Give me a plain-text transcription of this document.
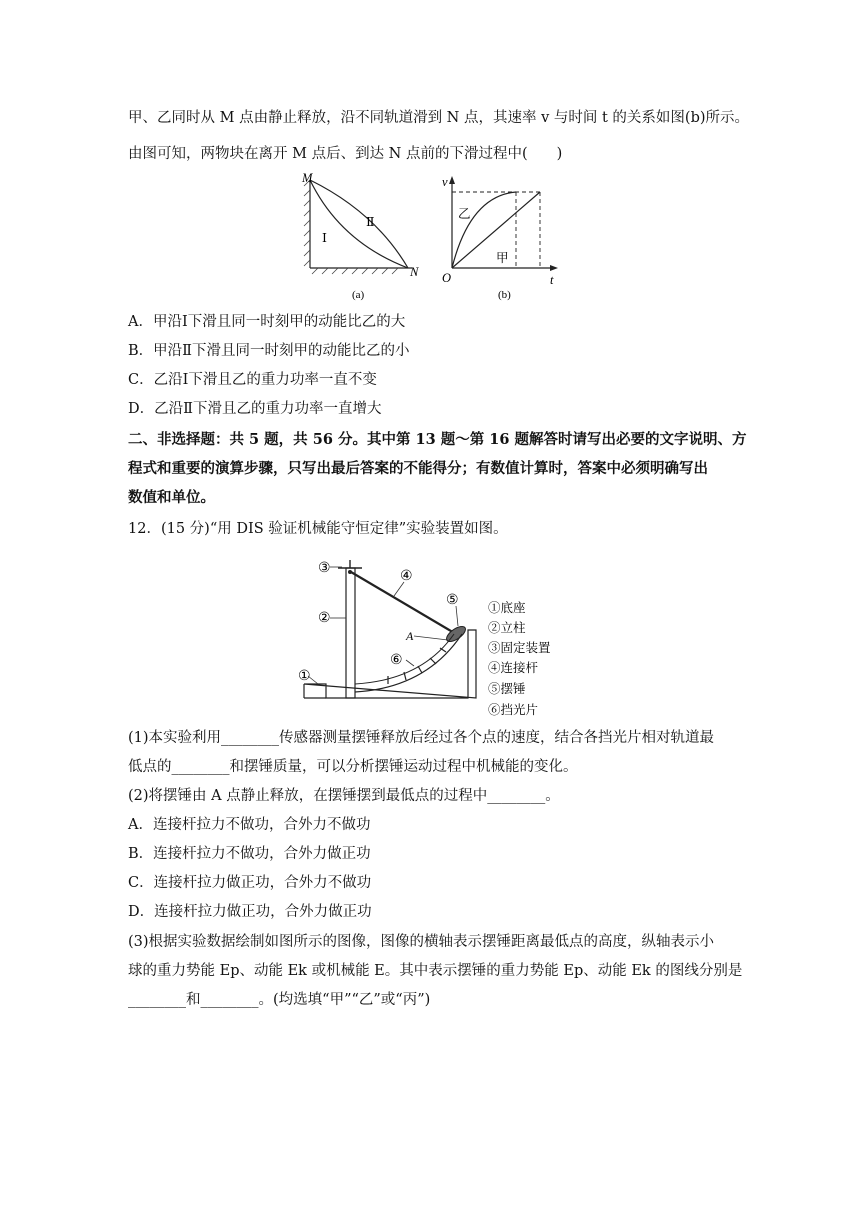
甲、乙同时从 M 点由静止释放，沿不同轨道滑到 N 点，其速率 v 与时间 t 的关系如图(b)所示。
由图可知，两物块在离开 M 点后、到达 N 点前的下滑过程中(　　)
M
N
Ⅰ
Ⅱ
(a)
v
t
O
乙
甲
(b)
A．甲沿Ⅰ下滑且同一时刻甲的动能比乙的大
B．甲沿Ⅱ下滑且同一时刻甲的动能比乙的小
C．乙沿Ⅰ下滑且乙的重力功率一直不变
D．乙沿Ⅱ下滑且乙的重力功率一直增大
二、非选择题：共 5 题，共 56 分。其中第 13 题～第 16 题解答时请写出必要的文字说明、方
程式和重要的演算步骤，只写出最后答案的不能得分；有数值计算时，答案中必须明确写出
数值和单位。
12．(15 分)“用 DIS 验证机械能守恒定律”实验装置如图。
③
②
①
④
⑤
⑥
A
①底座
②立柱
③固定装置
④连接杆
⑤摆锤
⑥挡光片
(1)本实验利用________传感器测量摆锤释放后经过各个点的速度，结合各挡光片相对轨道最
低点的________和摆锤质量，可以分析摆锤运动过程中机械能的变化。
(2)将摆锤由 A 点静止释放，在摆锤摆到最低点的过程中________。
A．连接杆拉力不做功，合外力不做功
B．连接杆拉力不做功，合外力做正功
C．连接杆拉力做正功，合外力不做功
D．连接杆拉力做正功，合外力做正功
(3)根据实验数据绘制如图所示的图像，图像的横轴表示摆锤距离最低点的高度，纵轴表示小
球的重力势能 Ep、动能 Ek 或机械能 E。其中表示摆锤的重力势能 Ep、动能 Ek 的图线分别是
________和________。(均选填“甲”“乙”或“丙”)
